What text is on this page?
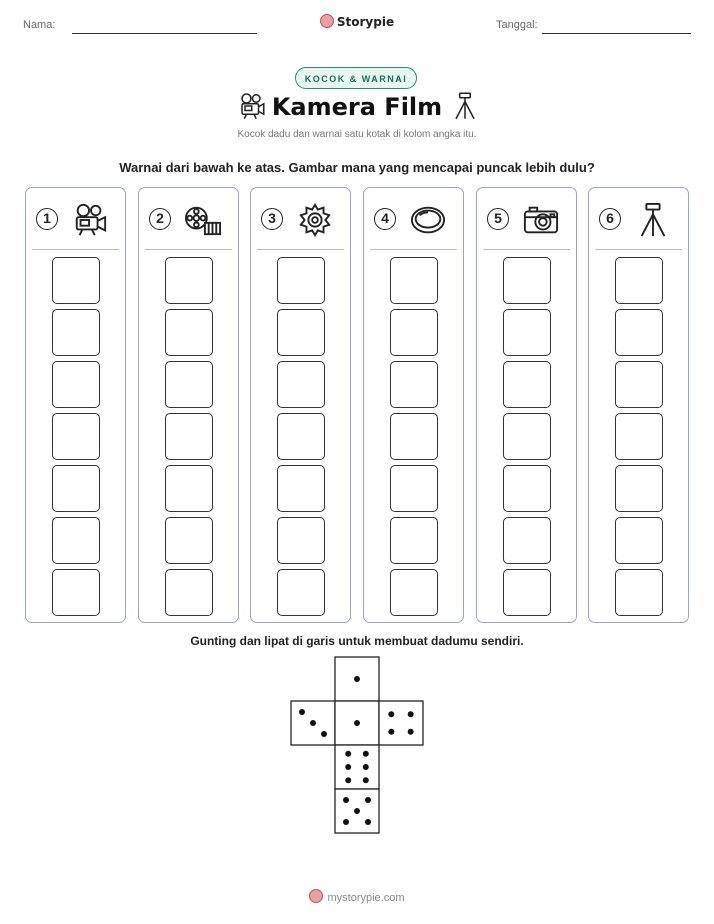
Nama:	Storypie	Tanggal:
KOCOK & WARNAI
Kamera Film
Kocok dadu dan warnai satu kotak di kolom angka itu.
Warnai dari bawah ke atas. Gambar mana yang mencapai puncak lebih dulu?
1	2	3	4	5	6
Gunting dan lipat di garis untuk membuat dadumu sendiri.
mystorypie.com
